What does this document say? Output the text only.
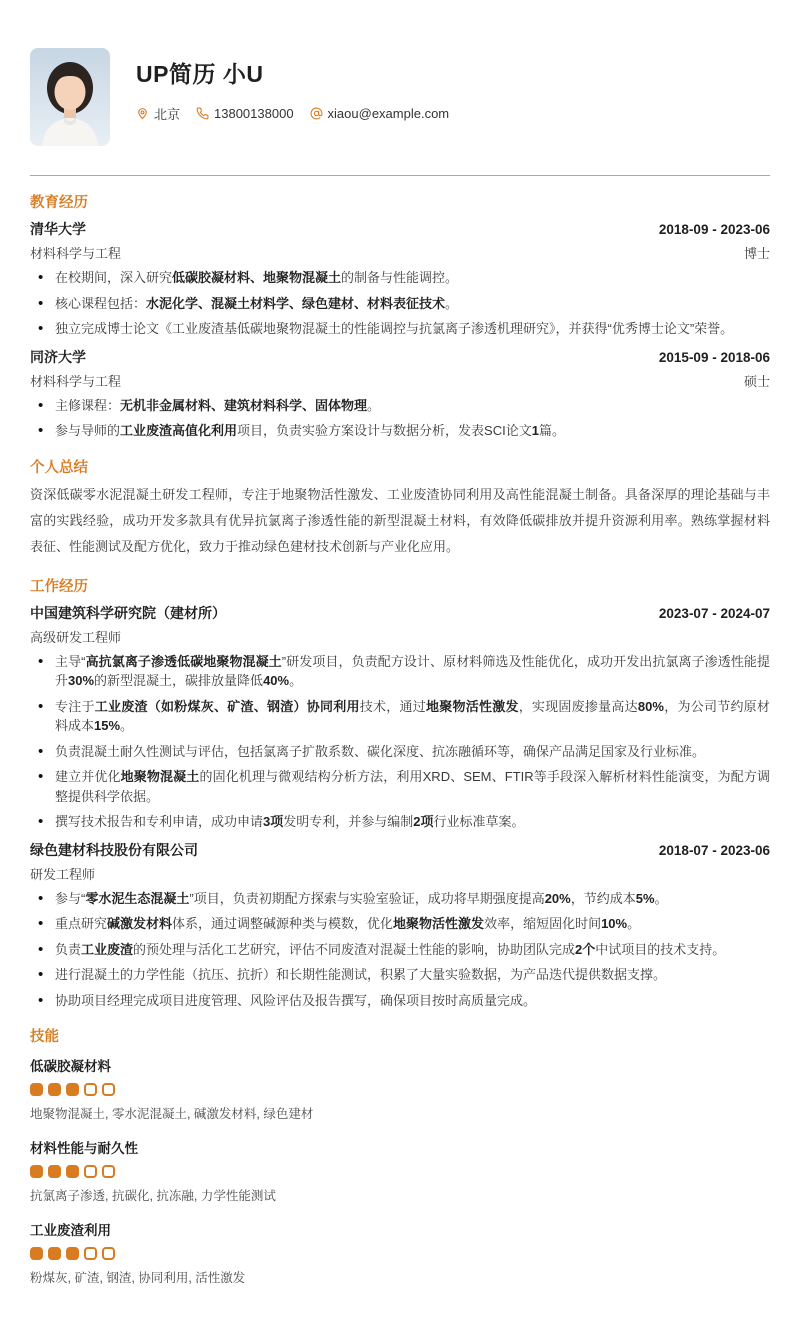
UP简历 小U
北京	13800138000	xiaou@example.com
教育经历
清华大学	2018-09 - 2023-06
材料科学与工程	博士
• 在校期间，深入研究低碳胶凝材料、地聚物混凝土的制备与性能调控。
• 核心课程包括：水泥化学、混凝土材料学、绿色建材、材料表征技术。
• 独立完成博士论文《工业废渣基低碳地聚物混凝土的性能调控与抗氯离子渗透机理研究》，并获得“优秀博士论文”荣誉。
同济大学	2015-09 - 2018-06
材料科学与工程	硕士
• 主修课程：无机非金属材料、建筑材料科学、固体物理。
• 参与导师的工业废渣高值化利用项目，负责实验方案设计与数据分析，发表SCI论文1篇。
个人总结

资深低碳零水泥混凝土研发工程师，专注于地聚物活性激发、工业废渣协同利用及高性能混凝土制备。具备深厚的理论基础与丰富的实践经验，成功开发多款具有优异抗氯离子渗透性能的新型混凝土材料，有效降低碳排放并提升资源利用率。熟练掌握材料表征、性能测试及配方优化，致力于推动绿色建材技术创新与产业化应用。

工作经历
中国建筑科学研究院（建材所）	2023-07 - 2024-07
高级研发工程师
• 主导“高抗氯离子渗透低碳地聚物混凝土”研发项目，负责配方设计、原材料筛选及性能优化，成功开发出抗氯离子渗透性能提升30%的新型混凝土，碳排放量降低40%。
• 专注于工业废渣（如粉煤灰、矿渣、钢渣）协同利用技术，通过地聚物活性激发，实现固废掺量高达80%，为公司节约原材料成本15%。
• 负责混凝土耐久性测试与评估，包括氯离子扩散系数、碳化深度、抗冻融循环等，确保产品满足国家及行业标准。
• 建立并优化地聚物混凝土的固化机理与微观结构分析方法，利用XRD、SEM、FTIR等手段深入解析材料性能演变，为配方调整提供科学依据。
• 撰写技术报告和专利申请，成功申请3项发明专利，并参与编制2项行业标准草案。
绿色建材科技股份有限公司	2018-07 - 2023-06
研发工程师
• 参与“零水泥生态混凝土”项目，负责初期配方探索与实验室验证，成功将早期强度提高20%，节约成本5%。
• 重点研究碱激发材料体系，通过调整碱源种类与模数，优化地聚物活性激发效率，缩短固化时间10%。
• 负责工业废渣的预处理与活化工艺研究，评估不同废渣对混凝土性能的影响，协助团队完成2个中试项目的技术支持。
• 进行混凝土的力学性能（抗压、抗折）和长期性能测试，积累了大量实验数据，为产品迭代提供数据支撑。
• 协助项目经理完成项目进度管理、风险评估及报告撰写，确保项目按时高质量完成。
技能
低碳胶凝材料
地聚物混凝土, 零水泥混凝土, 碱激发材料, 绿色建材
材料性能与耐久性
抗氯离子渗透, 抗碳化, 抗冻融, 力学性能测试
工业废渣利用
粉煤灰, 矿渣, 钢渣, 协同利用, 活性激发
